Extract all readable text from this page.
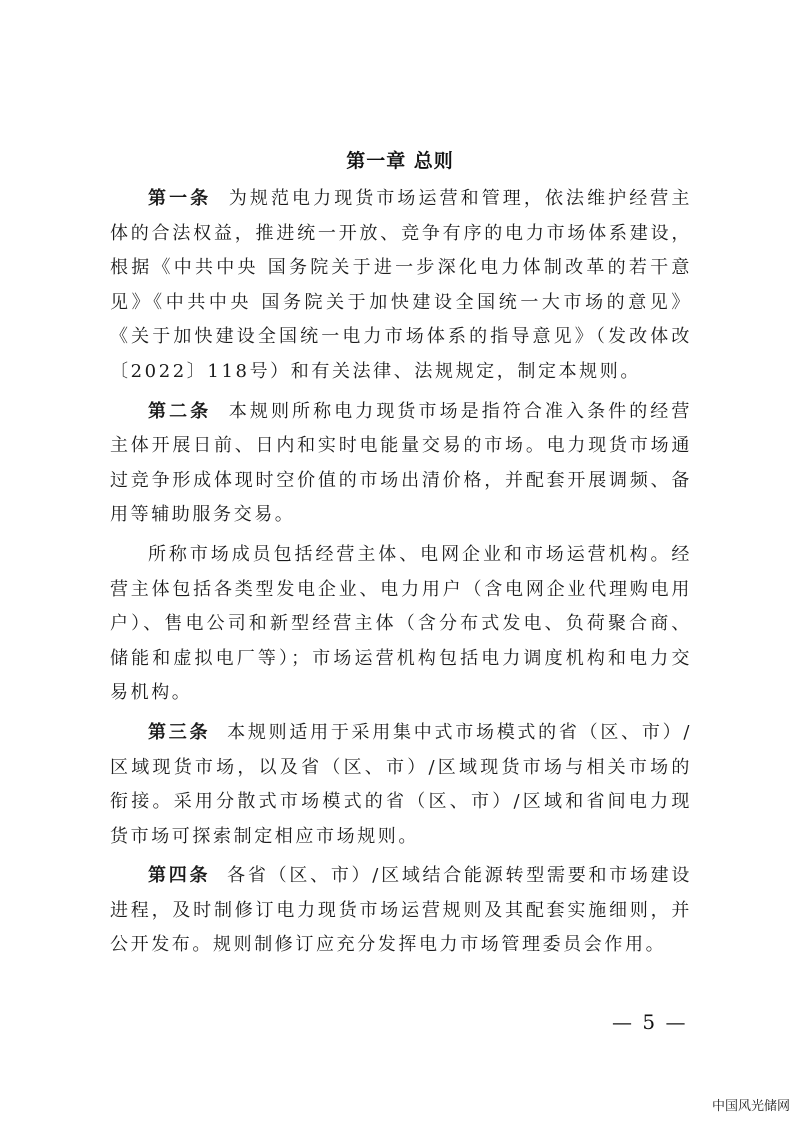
第一章 总则

第一条 为规范电力现货市场运营和管理，依法维护经营主体的合法权益，推进统一开放、竞争有序的电力市场体系建设，根据《中共中央 国务院关于进一步深化电力体制改革的若干意见》《中共中央 国务院关于加快建设全国统一大市场的意见》《关于加快建设全国统一电力市场体系的指导意见》（发改体改〔2022〕118号）和有关法律、法规规定，制定本规则。

第二条 本规则所称电力现货市场是指符合准入条件的经营主体开展日前、日内和实时电能量交易的市场。电力现货市场通过竞争形成体现时空价值的市场出清价格，并配套开展调频、备用等辅助服务交易。

所称市场成员包括经营主体、电网企业和市场运营机构。经营主体包括各类型发电企业、电力用户（含电网企业代理购电用户）、售电公司和新型经营主体（含分布式发电、负荷聚合商、储能和虚拟电厂等）；市场运营机构包括电力调度机构和电力交易机构。

第三条 本规则适用于采用集中式市场模式的省（区、市）/区域现货市场，以及省（区、市）/区域现货市场与相关市场的衔接。采用分散式市场模式的省（区、市）/区域和省间电力现货市场可探索制定相应市场规则。

第四条 各省（区、市）/区域结合能源转型需要和市场建设进程，及时制修订电力现货市场运营规则及其配套实施细则，并公开发布。规则制修订应充分发挥电力市场管理委员会作用。

— 5 —
中国风光储网
